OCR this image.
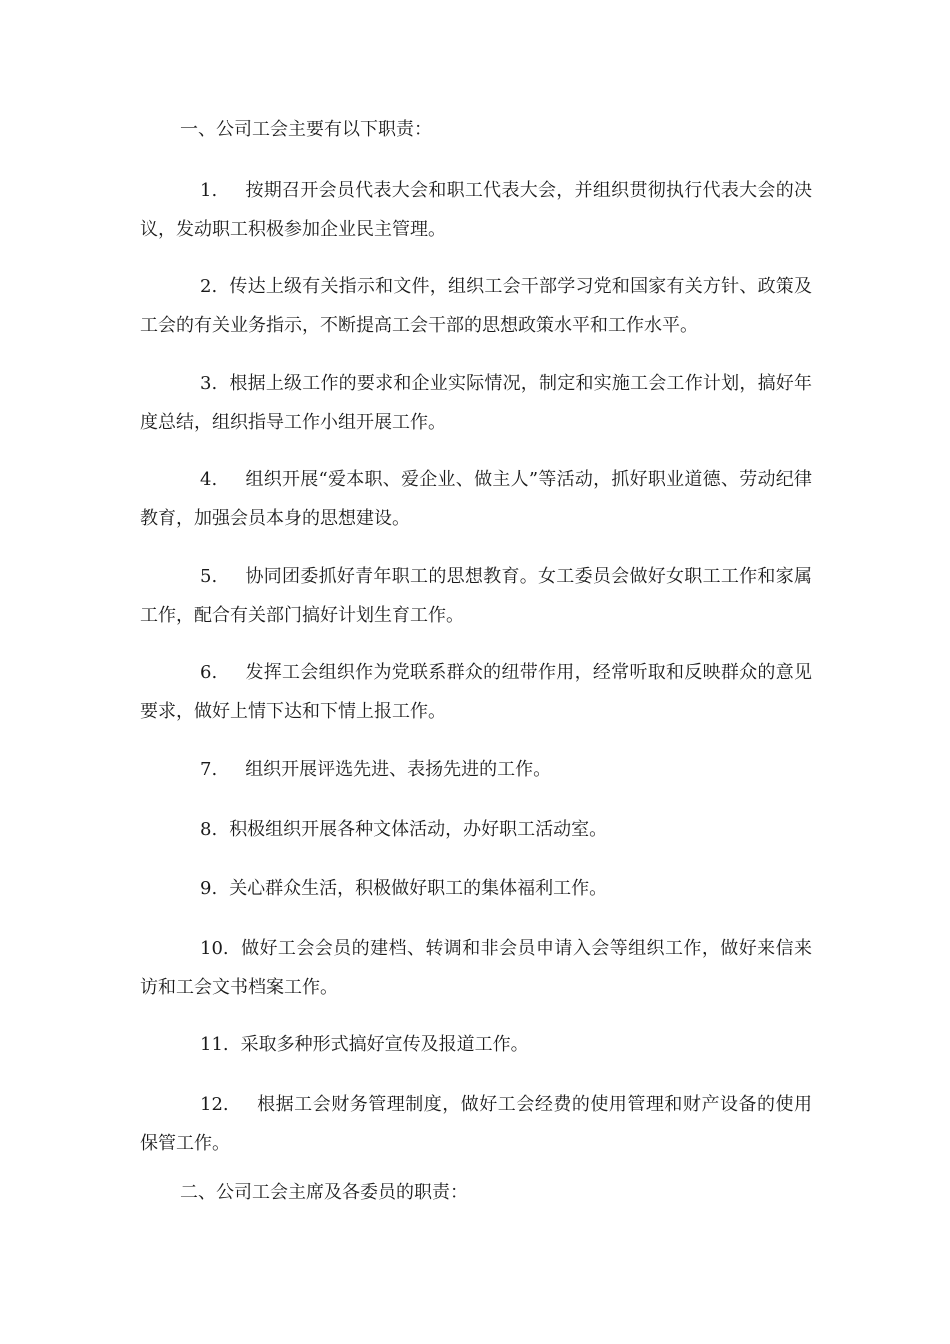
一、公司工会主要有以下职责：
1. 按期召开会员代表大会和职工代表大会，并组织贯彻执行代表大会的决议，发动职工积极参加企业民主管理。
2. 传达上级有关指示和文件，组织工会干部学习党和国家有关方针、政策及工会的有关业务指示，不断提高工会干部的思想政策水平和工作水平。
3. 根据上级工作的要求和企业实际情况，制定和实施工会工作计划，搞好年度总结，组织指导工作小组开展工作。
4. 组织开展“爱本职、爱企业、做主人”等活动，抓好职业道德、劳动纪律教育，加强会员本身的思想建设。
5. 协同团委抓好青年职工的思想教育。女工委员会做好女职工工作和家属工作，配合有关部门搞好计划生育工作。
6. 发挥工会组织作为党联系群众的纽带作用，经常听取和反映群众的意见要求，做好上情下达和下情上报工作。
7. 组织开展评选先进、表扬先进的工作。
8. 积极组织开展各种文体活动，办好职工活动室。
9. 关心群众生活，积极做好职工的集体福利工作。
10. 做好工会会员的建档、转调和非会员申请入会等组织工作，做好来信来访和工会文书档案工作。
11. 采取多种形式搞好宣传及报道工作。
12. 根据工会财务管理制度，做好工会经费的使用管理和财产设备的使用保管工作。
二、公司工会主席及各委员的职责：
